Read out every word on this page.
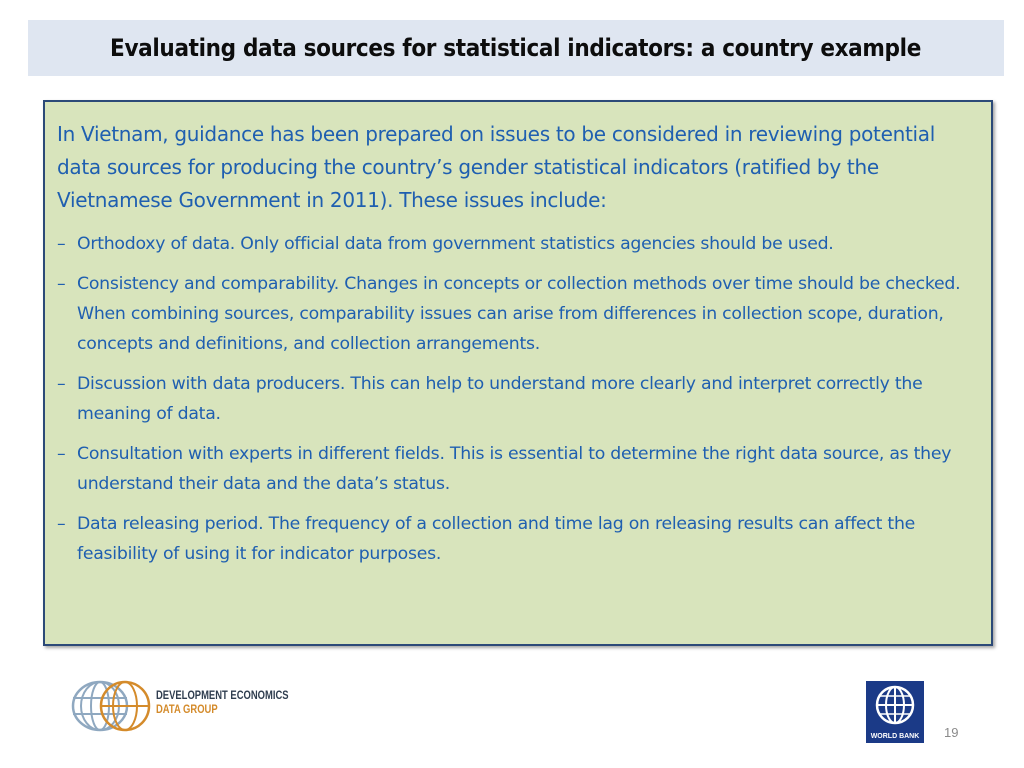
Evaluating data sources for statistical indicators: a country example

In Vietnam, guidance has been prepared on issues to be considered in reviewing potential data sources for producing the country’s gender statistical indicators (ratified by the Vietnamese Government in 2011). These issues include:

– Orthodoxy of data. Only official data from government statistics agencies should be used.
– Consistency and comparability. Changes in concepts or collection methods over time should be checked. When combining sources, comparability issues can arise from differences in collection scope, duration, concepts and definitions, and collection arrangements.
– Discussion with data producers. This can help to understand more clearly and interpret correctly the meaning of data.
– Consultation with experts in different fields. This is essential to determine the right data source, as they understand their data and the data’s status.
– Data releasing period. The frequency of a collection and time lag on releasing results can affect the feasibility of using it for indicator purposes.
DEVELOPMENT ECONOMICS
DATA GROUP
WORLD BANK	19
